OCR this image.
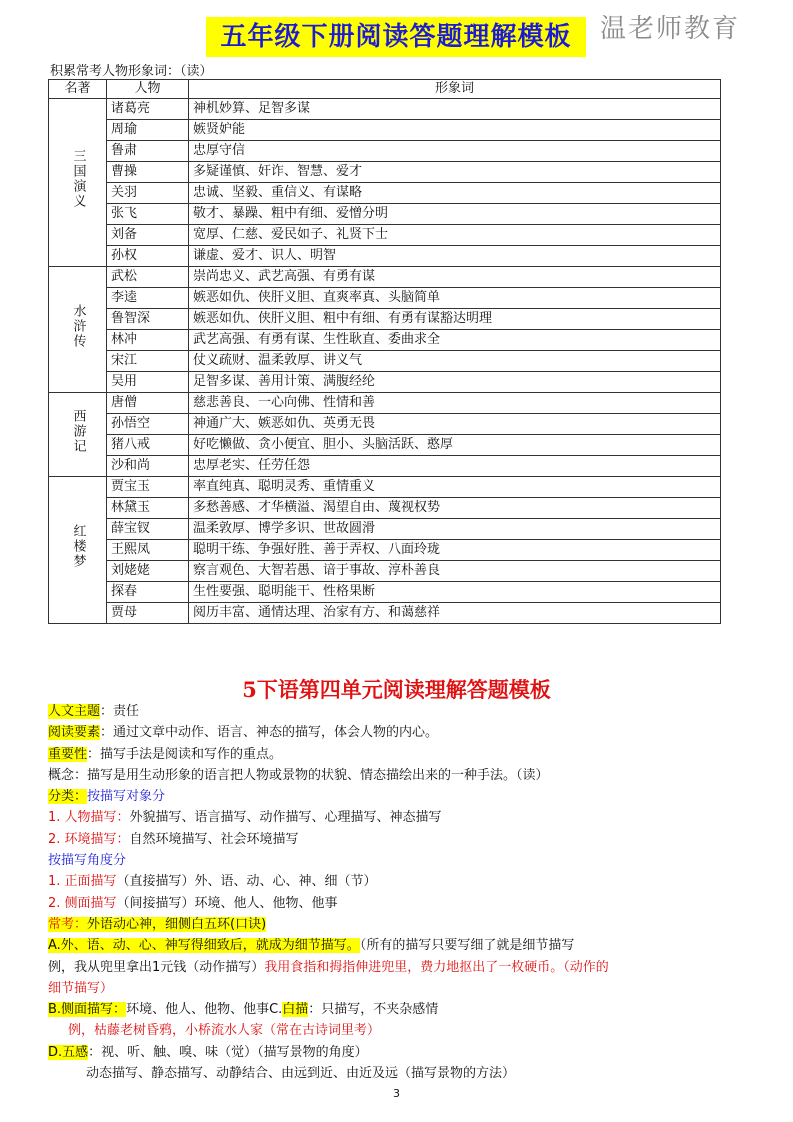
五年级下册阅读答题理解模板	温老师教育
积累常考人物形象词：（读）
名著	人物	形象词
三国演义	诸葛亮	神机妙算、足智多谋
	周瑜	嫉贤妒能
	鲁肃	忠厚守信
	曹操	多疑谨慎、奸诈、智慧、爱才
	关羽	忠诚、坚毅、重信义、有谋略
	张飞	敬才、暴躁、粗中有细、爱憎分明
	刘备	宽厚、仁慈、爱民如子、礼贤下士
	孙权	谦虚、爱才、识人、明智
水浒传	武松	崇尚忠义、武艺高强、有勇有谋
	李逵	嫉恶如仇、侠肝义胆、直爽率真、头脑简单
	鲁智深	嫉恶如仇、侠肝义胆、粗中有细、有勇有谋豁达明理
	林冲	武艺高强、有勇有谋、生性耿直、委曲求全
	宋江	仗义疏财、温柔敦厚、讲义气
	吴用	足智多谋、善用计策、满腹经纶
西游记	唐僧	慈悲善良、一心向佛、性情和善
	孙悟空	神通广大、嫉恶如仇、英勇无畏
	猪八戒	好吃懒做、贪小便宜、胆小、头脑活跃、憨厚
	沙和尚	忠厚老实、任劳任怨
红楼梦	贾宝玉	率直纯真、聪明灵秀、重情重义
	林黛玉	多愁善感、才华横溢、渴望自由、蔑视权势
	薛宝钗	温柔敦厚、博学多识、世故圆滑
	王熙凤	聪明干练、争强好胜、善于弄权、八面玲珑
	刘姥姥	察言观色、大智若愚、谙于事故、淳朴善良
	探春	生性要强、聪明能干、性格果断
	贾母	阅历丰富、通情达理、治家有方、和蔼慈祥
5下语第四单元阅读理解答题模板
人文主题：责任
阅读要素：通过文章中动作、语言、神态的描写，体会人物的内心。
重要性：描写手法是阅读和写作的重点。
概念：描写是用生动形象的语言把人物或景物的状貌、情态描绘出来的一种手法。（读）
分类：按描写对象分
1. 人物描写：外貌描写、语言描写、动作描写、心理描写、神态描写
2. 环境描写：自然环境描写、社会环境描写
按描写角度分
1. 正面描写（直接描写）外、语、动、心、神、细（节）
2. 侧面描写（间接描写）环境、他人、他物、他事
常考：外语动心神，细侧白五环(口诀)
A.外、语、动、心、神写得细致后，就成为细节描写。（所有的描写只要写细了就是细节描写
例，我从兜里拿出1元钱（动作描写）我用食指和拇指伸进兜里，费力地抠出了一枚硬币。（动作的
细节描写）
B.侧面描写：环境、他人、他物、他事C.白描：只描写，不夹杂感情
例，枯藤老树昏鸦，小桥流水人家（常在古诗词里考）
D.五感：视、听、触、嗅、味（觉）（描写景物的角度）
动态描写、静态描写、动静结合、由远到近、由近及远（描写景物的方法）
3
